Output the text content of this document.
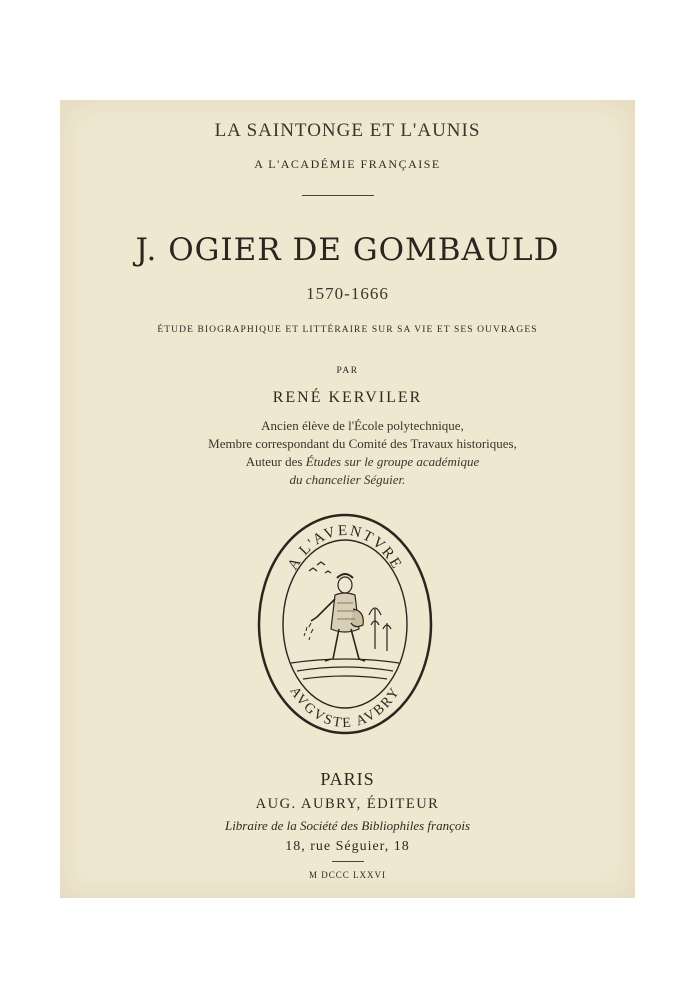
LA SAINTONGE ET L'AUNIS
A L'ACADÉMIE FRANÇAISE
J. OGIER DE GOMBAULD
1570-1666
ÉTUDE BIOGRAPHIQUE ET LITTÉRAIRE SUR SA VIE ET SES OUVRAGES
PAR
RENÉ KERVILER
Ancien élève de l'École polytechnique,
Membre correspondant du Comité des Travaux historiques,
Auteur des Études sur le groupe académique
du chancelier Séguier.
A L'AVENTVRE
AVGVSTE AVBRY
PARIS
AUG. AUBRY, ÉDITEUR
Libraire de la Société des Bibliophiles françois
18, rue Séguier, 18
M DCCC LXXVI
